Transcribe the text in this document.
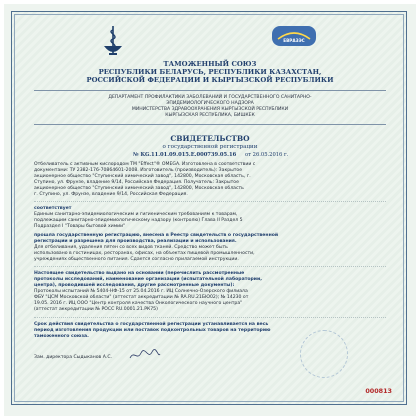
ЕВРАЗЭС

ТАМОЖЕННЫЙ СОЮЗ

РЕСПУБЛИКИ БЕЛАРУСЬ, РЕСПУБЛИКИ КАЗАХСТАН,

РОССИЙСКОЙ ФЕДЕРАЦИИ И КЫРГЫЗСКОЙ РЕСПУБЛИКИ

ДЕПАРТАМЕНТ ПРОФИЛАКТИКИ ЗАБОЛЕВАНИЙ И ГОСУДАРСТВЕННОГО САНИТАРНО-

ЭПИДЕМИОЛОГИЧЕСКОГО НАДЗОРА

МИНИСТЕРСТВА ЗДРАВООХРАНЕНИЯ КЫРГЫЗСКОЙ РЕСПУБЛИКИ

КЫРГЫЗСКАЯ РЕСПУБЛИКА, БИШКЕК

СВИДЕТЕЛЬСТВО

о государственной регистрации

№ KG.11.01.09.015.E.000739.05.16 от 26.05.2016 г.

Отбеливатель с активным кислородом ТМ "Effect"® OMEGA. Изготовлена в соответствии с

документами: ТУ 2382-176-70864601-2008. Изготовитель (производитель): Закрытое

акционерное общество "Ступинский химический завод", 142800, Московская область, г.

Ступино, ул. Фрунзе, владение 9/14, Российская Федерация. Получатель: Закрытое

акционерное общество "Ступинский химический завод", 142800, Московская область

г. Ступино, ул. Фрунзе, владение 9/14, Российская Федерация.

соответствует

Единым санитарно-эпидемиологическим и гигиеническим требованиям к товарам,

подлежащим санитарно-эпидемиологическому надзору (контролю) Глава II Раздел 5

Подраздел I "Товары бытовой химии"

прошла государственную регистрацию, внесена в Реестр свидетельств о государственной

регистрации и разрешена для производства, реализации и использования.

Для отбеливания, удаления пятен со всех видов тканей. Средство может быть

использовано в гостиницах, ресторанах, офисах, на объектах пищевой промышленности,

учреждениях общественного питания. Сдается согласно прилагаемой инструкции.

Настоящее свидетельство выдано на основании (перечислить рассмотренные

протоколы исследований, наименование организации (испытательной лаборатории,

центра), проводившей исследования, другие рассмотренные документы):

Протоколы испытаний № 5404-НФ-15 от 25.04.2016 г. ИЦ Солнечно-Озерского филиала

ФБУ "ЦСМ Московской области" (аттестат аккредитации № RA.RU.21БЮ02); № 14230 от

19.05. 2016 г. ИЦ ООО "Центр контроля качества Онкологического научного центра"

(аттестат аккредитации № РОСС RU.0001.21.РК75)

Срок действия свидетельства о государственной регистрации устанавливается на весь

период изготовления продукции или поставок подконтрольных товаров на территорию

таможенного союза.

Зам. директора Сыдыканов А.С.

000813
